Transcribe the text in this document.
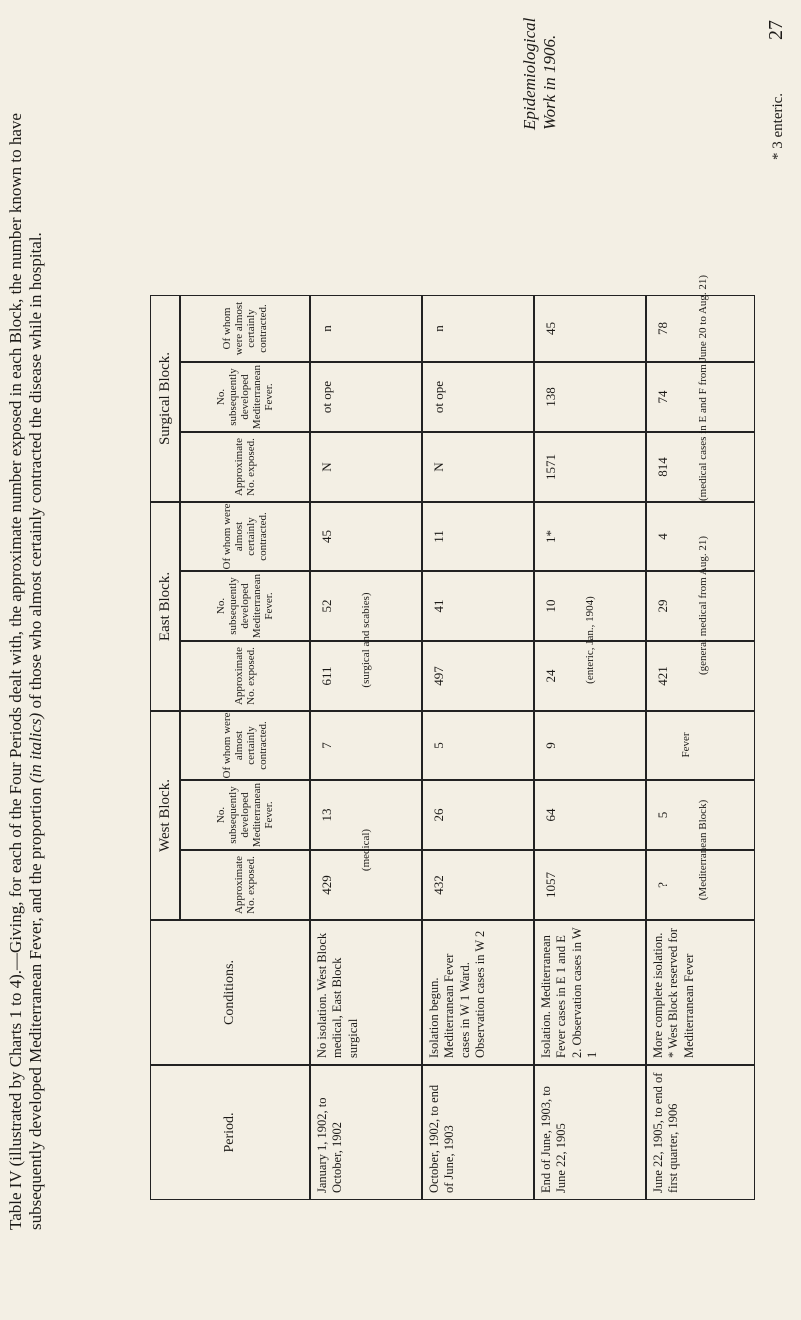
Table IV (illustrated by Charts 1 to 4).—Giving, for each of the Four Periods dealt with, the approximate number exposed in each Block, the number known to have subsequently developed Mediterranean Fever, and the proportion (in italics) of those who almost certainly contracted the disease while in hospital.
Epidemiological Work in 1906.
27
* 3 enteric.
Period.
Conditions.
West Block.
Approximate No. exposed.
No. subsequently developed Mediterranean Fever.
Of whom were almost certainly contracted.
East Block.
Approximate No. exposed.
No. subsequently developed Mediterranean Fever.
Of whom were almost certainly contracted.
Surgical Block.
Approximate No. exposed.
No. subsequently developed Mediterranean Fever.
Of whom were almost certainly contracted.
January 1, 1902, to October, 1902
No isolation. West Block medical, East Block surgical
429
13
7
611
52
45
N
ot ope
n
October, 1902, to end of June, 1903
Isolation begun. Mediterranean Fever cases in W 1 Ward. Observation cases in W 2
432
26
5
497
41
11
N
ot ope
n
End of June, 1903, to June 22, 1905
Isolation. Mediterranean Fever cases in E 1 and E 2. Observation cases in W 1
1057
64
9
24
10
1*
1571
138
45
June 22, 1905, to end of first quarter, 1906
More complete isolation. * West Block reserved for Mediterranean Fever
?
5
421
29
4
814
74
78
(medical)
(surgical and scabies)	(enteric, Jan., 1904)
(Mediterranean Block)
Fever
(general medical from Aug. 21)
(medical cases in E and F from June 20 to Aug. 21)
